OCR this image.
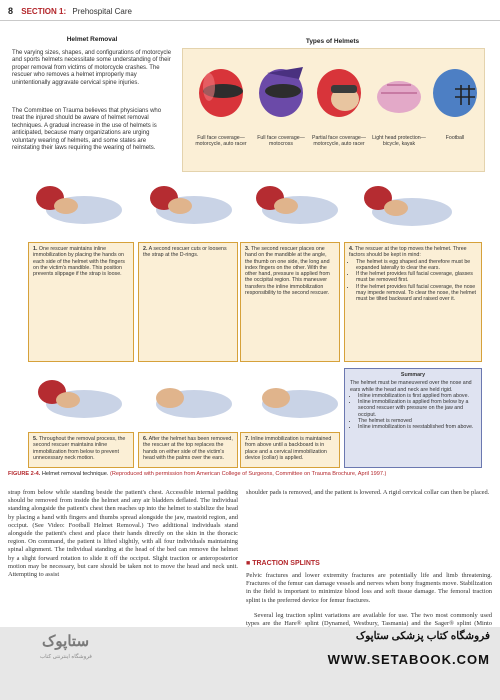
8 SECTION 1: Prehospital Care
Helmet Removal
The varying sizes, shapes, and configurations of motorcycle and sports helmets necessitate some understanding of their proper removal from victims of motorcycle crashes. The rescuer who removes a helmet improperly may unintentionally aggravate cervical spine injuries.
The Committee on Trauma believes that physicians who treat the injured should be aware of helmet removal techniques. A gradual increase in the use of helmets is anticipated, because many organizations are urging voluntary wearing of helmets, and some states are reinstating their laws requiring the wearing of helmets.
Types of Helmets
Full face coverage—motorcycle, auto racer
Full face coverage—motocross
Partial face coverage—motorcycle, auto racer
Light head protection—bicycle, kayak
Football
1. One rescuer maintains inline immobilization by placing the hands on each side of the helmet with the fingers on the victim's mandible. This position prevents slippage if the strap is loose.
2. A second rescuer cuts or loosens the strap at the D-rings.
3. The second rescuer places one hand on the mandible at the angle, the thumb on one side, the long and index fingers on the other. With the other hand, pressure is applied from the occipital region. This maneuver transfers the inline immobilization responsibility to the second rescuer.
4. The rescuer at the top moves the helmet. Three factors should be kept in mind:
• The helmet is egg shaped and therefore must be expanded laterally to clear the ears.
• If the helmet provides full facial coverage, glasses must be removed first.
• If the helmet provides full facial coverage, the nose may impede removal. To clear the nose, the helmet must be tilted backward and raised over it.
5. Throughout the removal process, the second rescuer maintains inline immobilization from below to prevent unnecessary neck motion.
6. After the helmet has been removed, the rescuer at the top replaces the hands on either side of the victim's head with the palms over the ears.
7. Inline immobilization is maintained from above until a backboard is in place and a cervical immobilization device (collar) is applied.
Summary
The helmet must be maneuvered over the nose and ears while the head and neck are held rigid.
• Inline immobilization is first applied from above.
• Inline immobilization is applied from below by a second rescuer with pressure on the jaw and occiput.
• The helmet is removed
• Inline immobilization is reestablished from above.
FIGURE 2-4. Helmet removal technique. (Reproduced with permission from American College of Surgeons, Committee on Trauma Brochure, April 1997.)
strap from below while standing beside the patient's chest. Accessible internal padding should be removed from inside the helmet and any air bladders deflated. The individual standing alongside the patient's chest then reaches up into the helmet to stabilize the head by placing a hand with fingers and thumbs spread alongside the jaw, mastoid region, and occiput. (See Video: Football Helmet Removal.) Two additional individuals stand alongside the patient's chest and place their hands directly on the skin in the thoracic region. On command, the patient is lifted slightly, with all four individuals maintaining spinal alignment. The individual standing at the head of the bed can remove the helmet by a slight forward rotation to slide it off the occiput. Slight traction or anteroposterior motion may be necessary, but care should be taken not to move the head and neck unit. Attempting to assist
shoulder pads is removed, and the patient is lowered. A rigid cervical collar can then be placed.
■ TRACTION SPLINTS
Pelvic fractures and lower extremity fractures are potentially life and limb threatening. Fractures of the femur can damage vessels and nerves when bony fragments move. Stabilization in the field is important to minimize blood loss and soft tissue damage. The femoral traction splint is the preferred device for femur fractures.
Several leg traction splint variations are available for use. The two most commonly used types are the Hare® splint (Dynamed, Westbury, Tasmania) and the Sager® splint (Minto
ستاپوک
فروشگاه اینترنتی کتاب
فروشگاه کتاب پزشکی ستاپوک
WWW.SETABOOK.COM
